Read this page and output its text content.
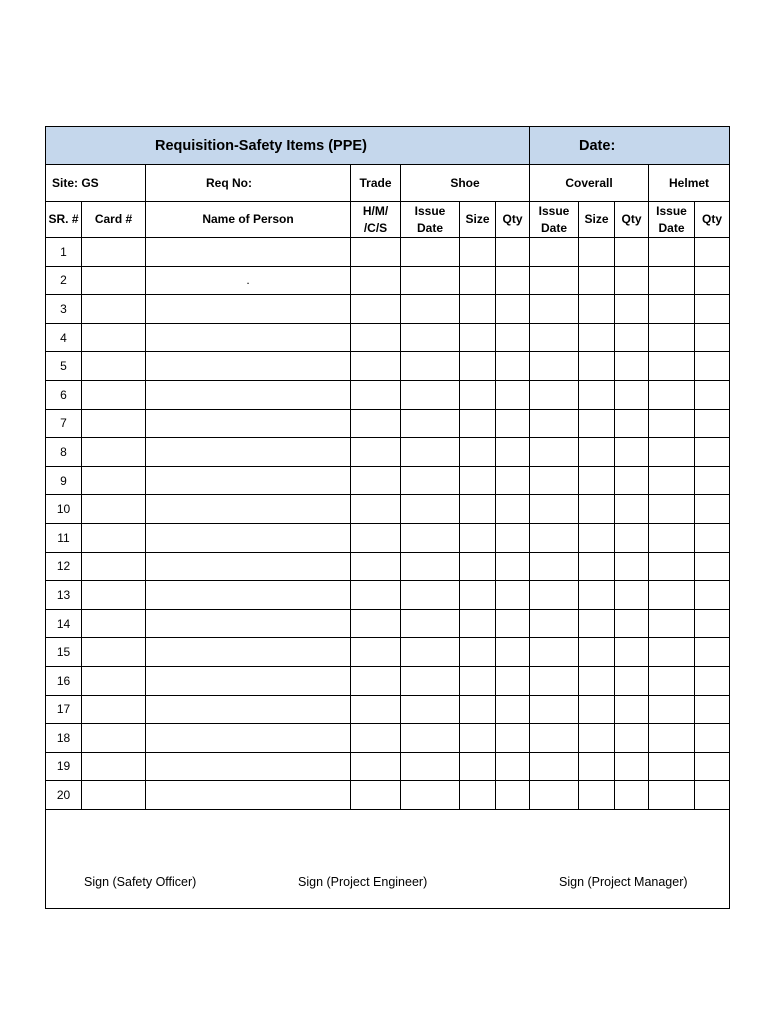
Requisition-Safety Items (PPE)							Date:				
Site: GS		Req No:	Trade	Shoe			Coverall			Helmet	
SR. #	Card #	Name of Person	H/M/ /C/S	Issue Date	Size	Qty	Issue Date	Size	Qty	Issue Date	Qty
1											
2		.									
3											
4											
5											
6											
7											
8											
9											
10											
11											
12											
13											
14											
15											
16											
17											
18											
19											
20											

Sign (Safety Officer) Sign (Project Engineer) Sign (Project Manager)											
